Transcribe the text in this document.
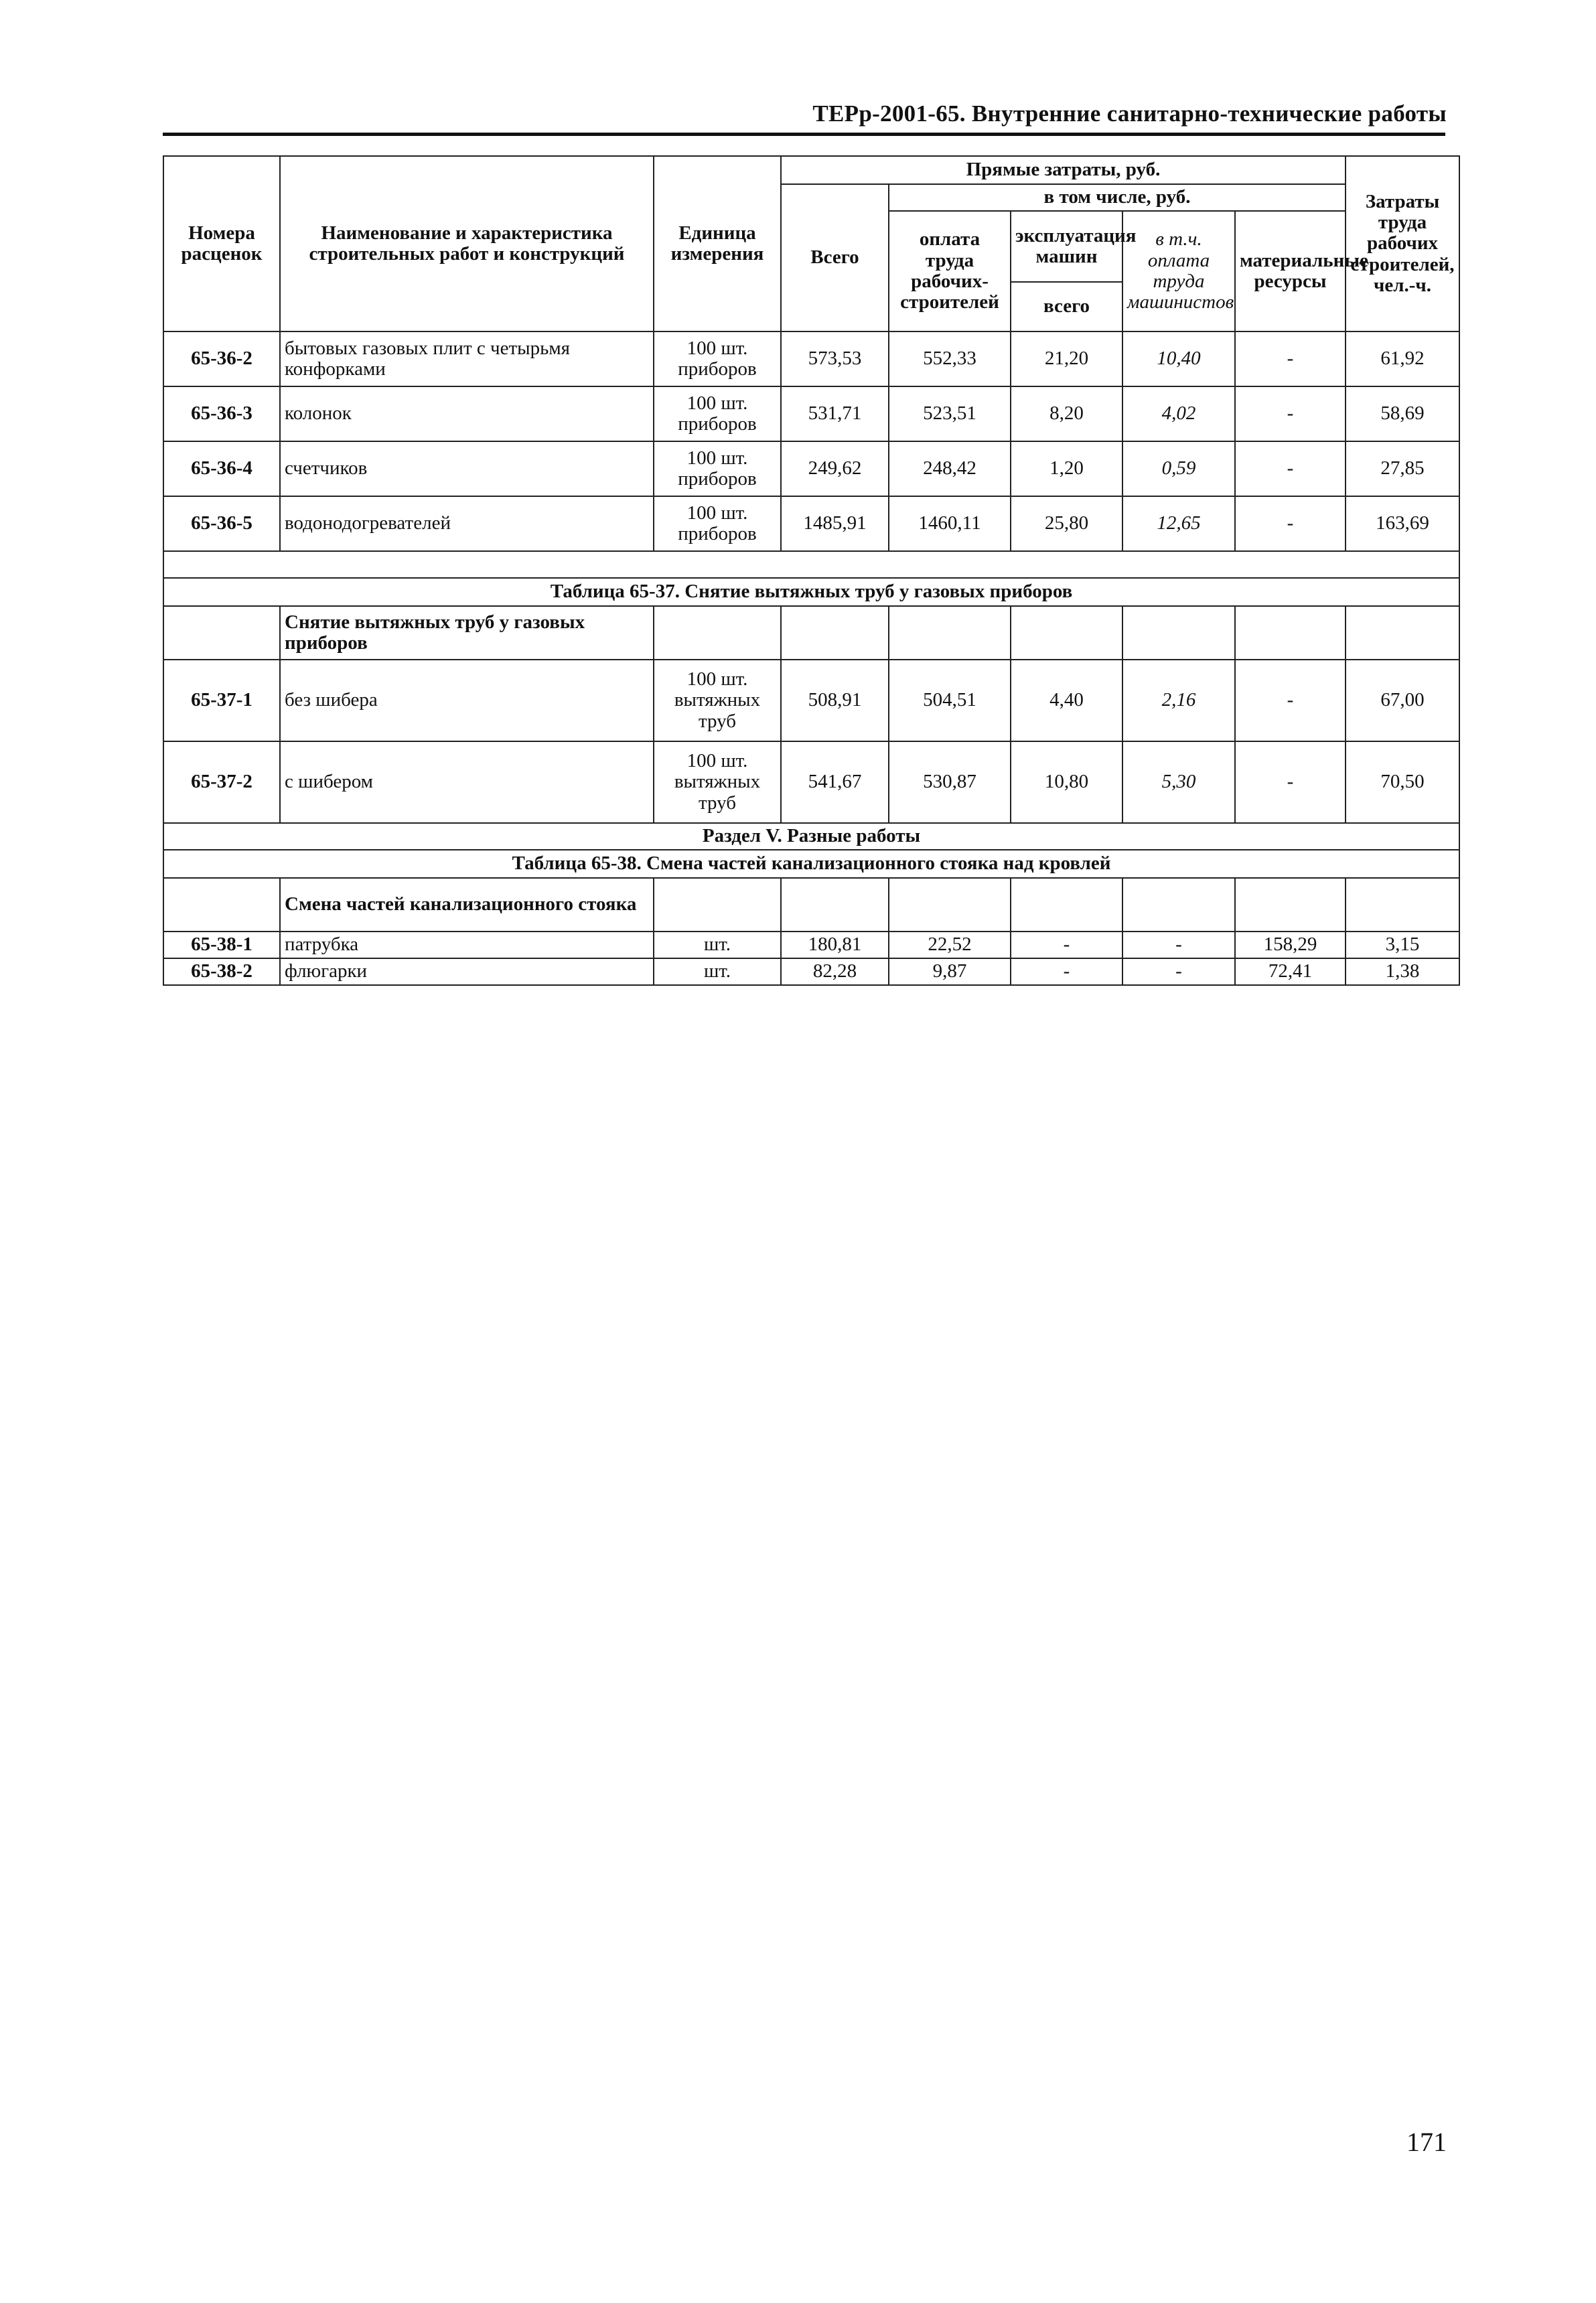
ТЕРр-2001-65. Внутренние санитарно-технические работы
Номера расценок	Наименование и характеристика строительных работ и конструкций	Единица измерения	Прямые затраты, руб.					Затраты труда рабочих строителей, чел.-ч.
			Всего	в том числе, руб.				
				оплата труда рабочих-строителей	эксплуатация машин	в т.ч. оплата труда машинистов	материальные ресурсы	
					всего			
65-36-2	бытовых газовых плит с четырьмя конфорками	100 шт. приборов	573,53	552,33	21,20	10,40	-	61,92
65-36-3	колонок	100 шт. приборов	531,71	523,51	8,20	4,02	-	58,69
65-36-4	счетчиков	100 шт. приборов	249,62	248,42	1,20	0,59	-	27,85
65-36-5	водонодогревателей	100 шт. приборов	1485,91	1460,11	25,80	12,65	-	163,69

Таблица 65-37. Снятие вытяжных труб у газовых приборов								
	Снятие вытяжных труб у газовых приборов							
65-37-1	без шибера	100 шт. вытяжных труб	508,91	504,51	4,40	2,16	-	67,00
65-37-2	с шибером	100 шт. вытяжных труб	541,67	530,87	10,80	5,30	-	70,50
Раздел V. Разные работы								
Таблица 65-38. Смена частей канализационного стояка над кровлей								
	Смена частей канализационного стояка							
65-38-1	патрубка	шт.	180,81	22,52	-	-	158,29	3,15
65-38-2	флюгарки	шт.	82,28	9,87	-	-	72,41	1,38
171
